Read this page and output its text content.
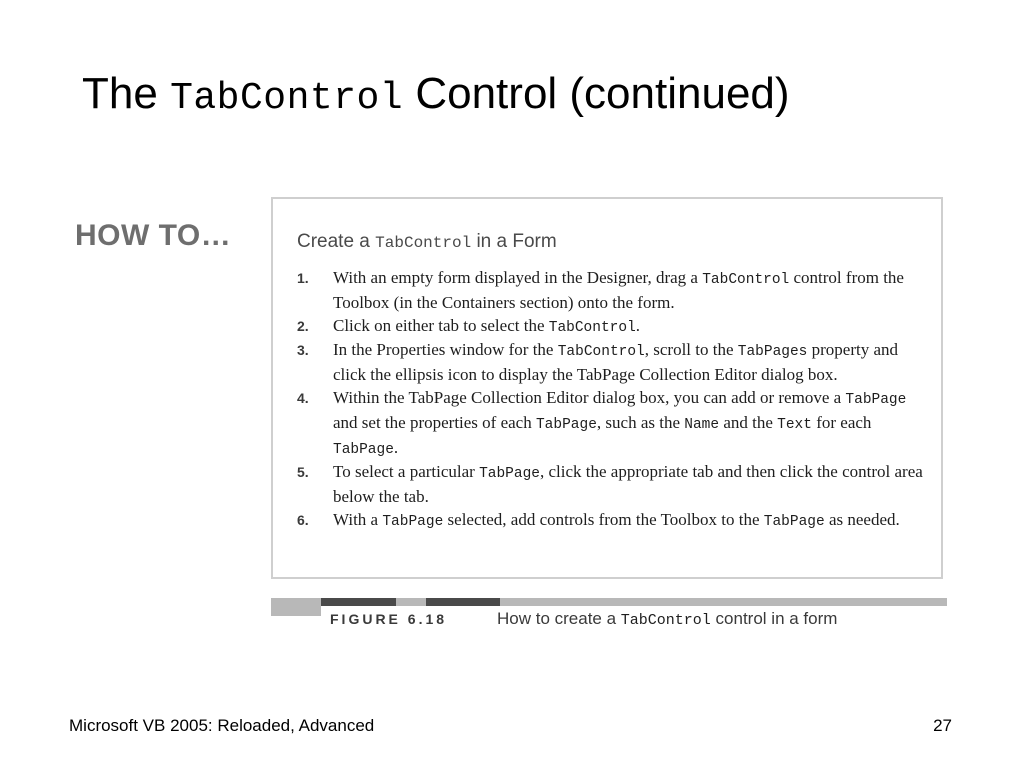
The TabControl Control (continued)
HOW TO…	Create a TabControl in a Form
1. With an empty form displayed in the Designer, drag a TabControl control from the Toolbox (in the Containers section) onto the form.
2. Click on either tab to select the TabControl.
3. In the Properties window for the TabControl, scroll to the TabPages property and click the ellipsis icon to display the TabPage Collection Editor dialog box.
4. Within the TabPage Collection Editor dialog box, you can add or remove a TabPage and set the properties of each TabPage, such as the Name and the Text for each TabPage.
5. To select a particular TabPage, click the appropriate tab and then click the control area below the tab.
6. With a TabPage selected, add controls from the Toolbox to the TabPage as needed.
FIGURE 6.18	How to create a TabControl control in a form
Microsoft VB 2005: Reloaded, Advanced	27
